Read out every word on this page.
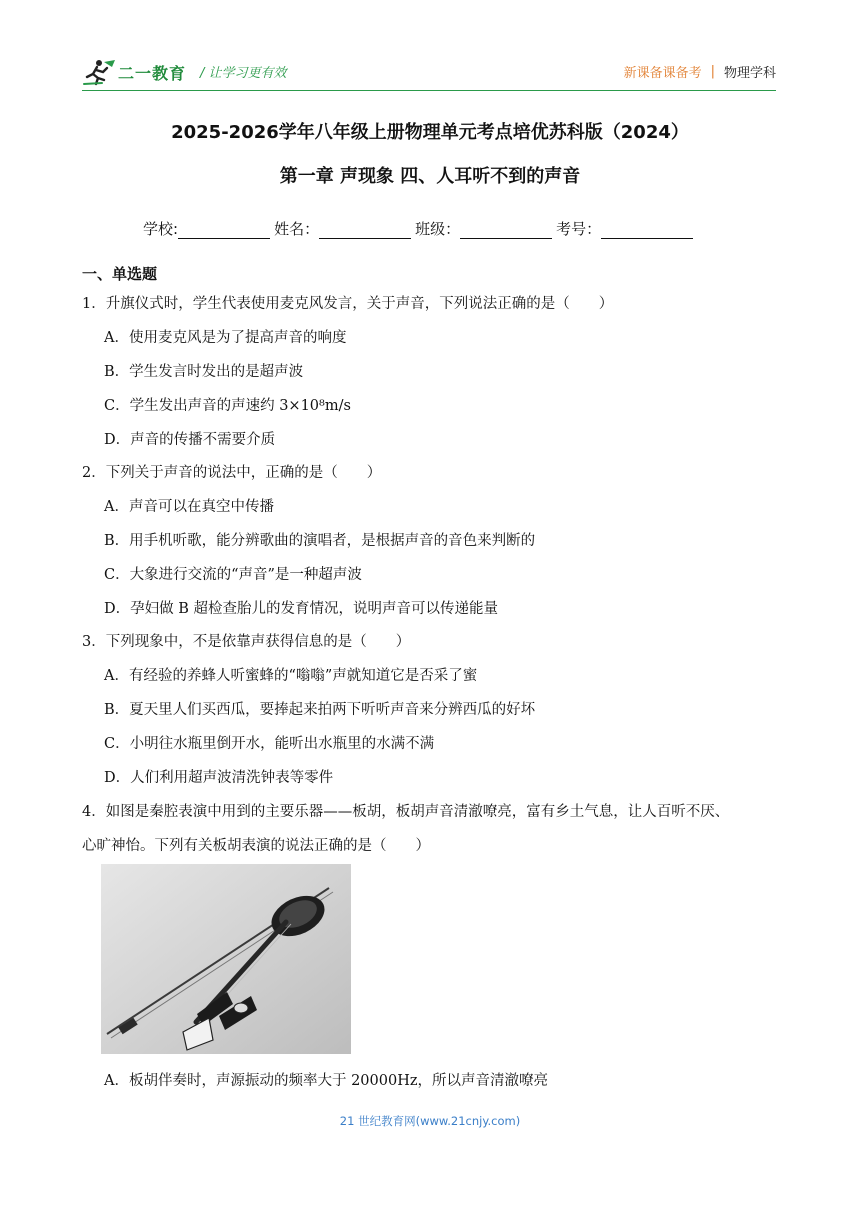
二一教育 / 让学习更有效	新课备课备考 | 物理学科
2025-2026学年八年级上册物理单元考点培优苏科版（2024）
第一章 声现象 四、人耳听不到的声音
学校:	姓名：	班级：	考号：
一、单选题
1．升旗仪式时，学生代表使用麦克风发言，关于声音，下列说法正确的是（　　）
A．使用麦克风是为了提高声音的响度
B．学生发言时发出的是超声波
C．学生发出声音的声速约 3×10⁸m/s
D．声音的传播不需要介质
2．下列关于声音的说法中，正确的是（　　）
A．声音可以在真空中传播
B．用手机听歌，能分辨歌曲的演唱者，是根据声音的音色来判断的
C．大象进行交流的“声音”是一种超声波
D．孕妇做 B 超检查胎儿的发育情况，说明声音可以传递能量
3．下列现象中，不是依靠声获得信息的是（　　）
A．有经验的养蜂人听蜜蜂的“嗡嗡”声就知道它是否采了蜜
B．夏天里人们买西瓜，要捧起来拍两下听听声音来分辨西瓜的好坏
C．小明往水瓶里倒开水，能听出水瓶里的水满不满
D．人们利用超声波清洗钟表等零件
4．如图是秦腔表演中用到的主要乐器——板胡，板胡声音清澈嘹亮，富有乡土气息，让人百听不厌、
心旷神怡。下列有关板胡表演的说法正确的是（　　）
A．板胡伴奏时，声源振动的频率大于 20000Hz，所以声音清澈嘹亮
21 世纪教育网(www.21cnjy.com)
